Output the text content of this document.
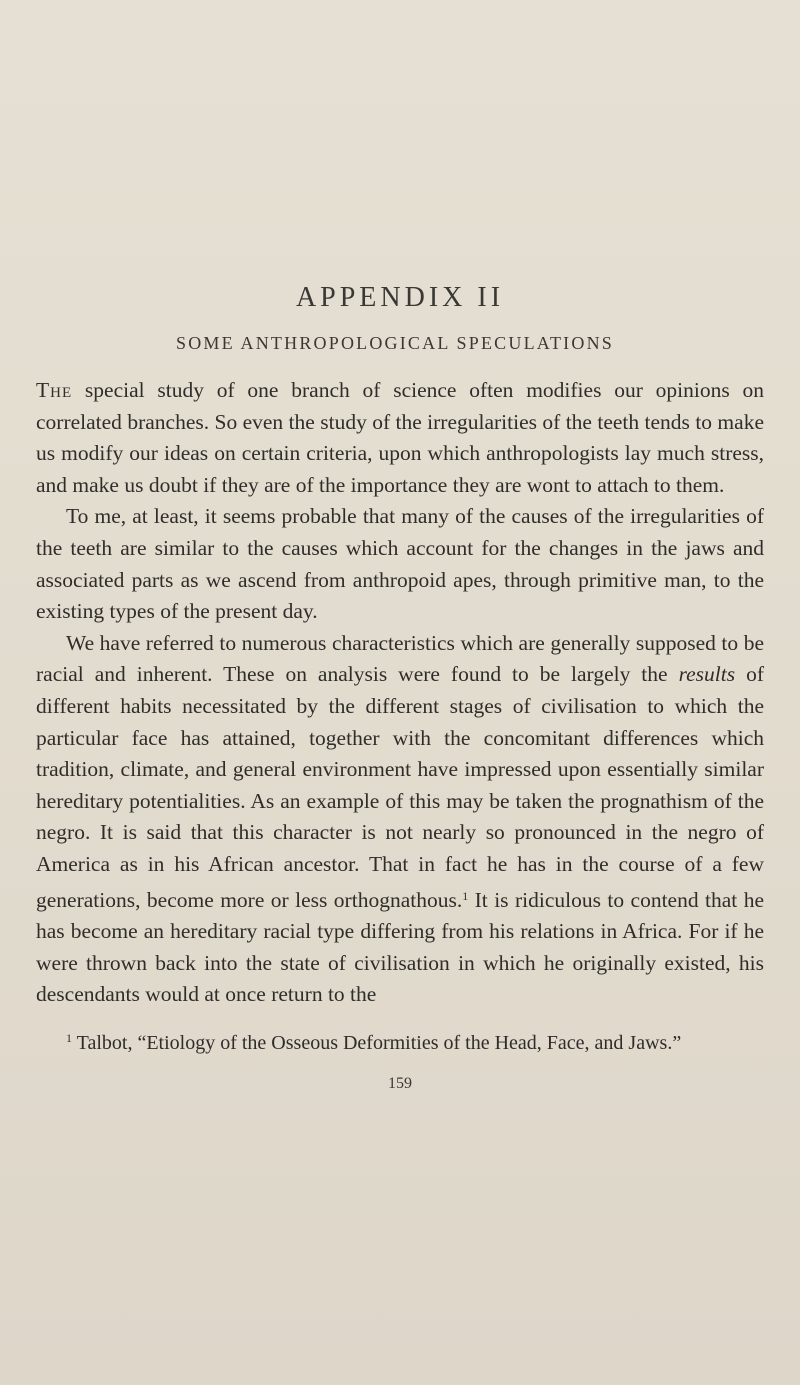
APPENDIX II
SOME ANTHROPOLOGICAL SPECULATIONS

The special study of one branch of science often modifies our opinions on correlated branches. So even the study of the irregularities of the teeth tends to make us modify our ideas on certain criteria, upon which anthropologists lay much stress, and make us doubt if they are of the importance they are wont to attach to them.

To me, at least, it seems probable that many of the causes of the irregularities of the teeth are similar to the causes which account for the changes in the jaws and associated parts as we ascend from anthropoid apes, through primitive man, to the existing types of the present day.

We have referred to numerous characteristics which are generally supposed to be racial and inherent. These on analysis were found to be largely the results of different habits necessitated by the different stages of civilisation to which the particular face has attained, together with the concomitant differences which tradition, climate, and general environment have impressed upon essentially similar hereditary potentialities. As an example of this may be taken the prognathism of the negro. It is said that this character is not nearly so pronounced in the negro of America as in his African ancestor. That in fact he has in the course of a few generations, become more or less orthognathous.$^1$ It is ridiculous to contend that he has become an hereditary racial type differing from his relations in Africa. For if he were thrown back into the state of civilisation in which he originally existed, his descendants would at once return to the

$^1$ Talbot, “Etiology of the Osseous Deformities of the Head, Face, and Jaws.”
159
